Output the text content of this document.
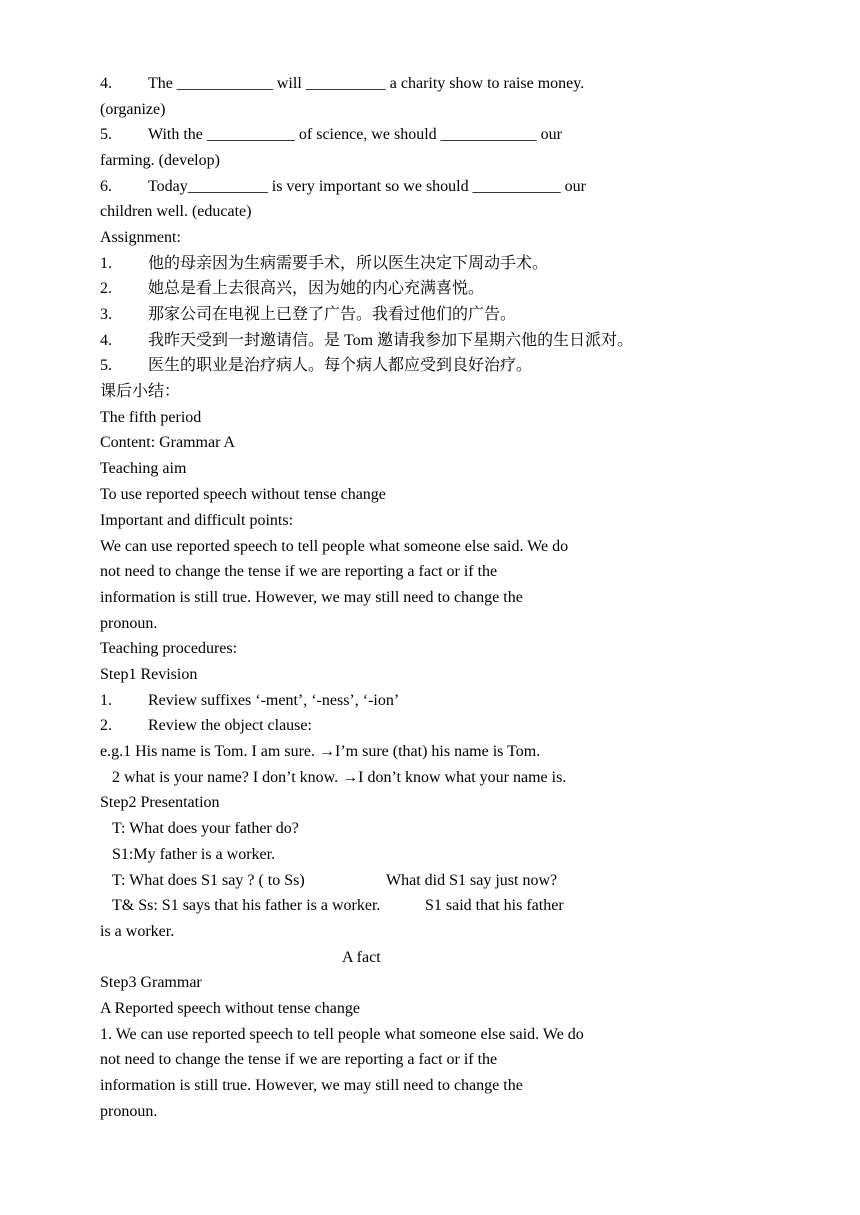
4. The ____________ will __________ a charity show to raise money.
(organize)
5. With the ___________ of science, we should ____________ our
farming. (develop)
6. Today__________ is very important so we should ___________ our
children well. (educate)
Assignment:
1. 他的母亲因为生病需要手术，所以医生决定下周动手术。
2. 她总是看上去很高兴，因为她的内心充满喜悦。
3. 那家公司在电视上已登了广告。我看过他们的广告。
4. 我昨天受到一封邀请信。是 Tom 邀请我参加下星期六他的生日派对。
5. 医生的职业是治疗病人。每个病人都应受到良好治疗。
课后小结：
The fifth period
Content: Grammar A
Teaching aim
To use reported speech without tense change
Important and difficult points:
We can use reported speech to tell people what someone else said. We do
not need to change the tense if we are reporting a fact or if the
information is still true. However, we may still need to change the
pronoun.
Teaching procedures:
Step1 Revision
1. Review suffixes ‘-ment’, ‘-ness’, ‘-ion’
2. Review the object clause:
e.g.1 His name is Tom. I am sure. →I’m sure (that) his name is Tom.
2 what is your name? I don’t know. →I don’t know what your name is.
Step2 Presentation
T: What does your father do?
S1:My father is a worker.
T: What does S1 say ? ( to Ss)	What did S1 say just now?
T& Ss: S1 says that his father is a worker.	S1 said that his father
is a worker.
A fact
Step3 Grammar
A Reported speech without tense change
1. We can use reported speech to tell people what someone else said. We do
not need to change the tense if we are reporting a fact or if the
information is still true. However, we may still need to change the
pronoun.
